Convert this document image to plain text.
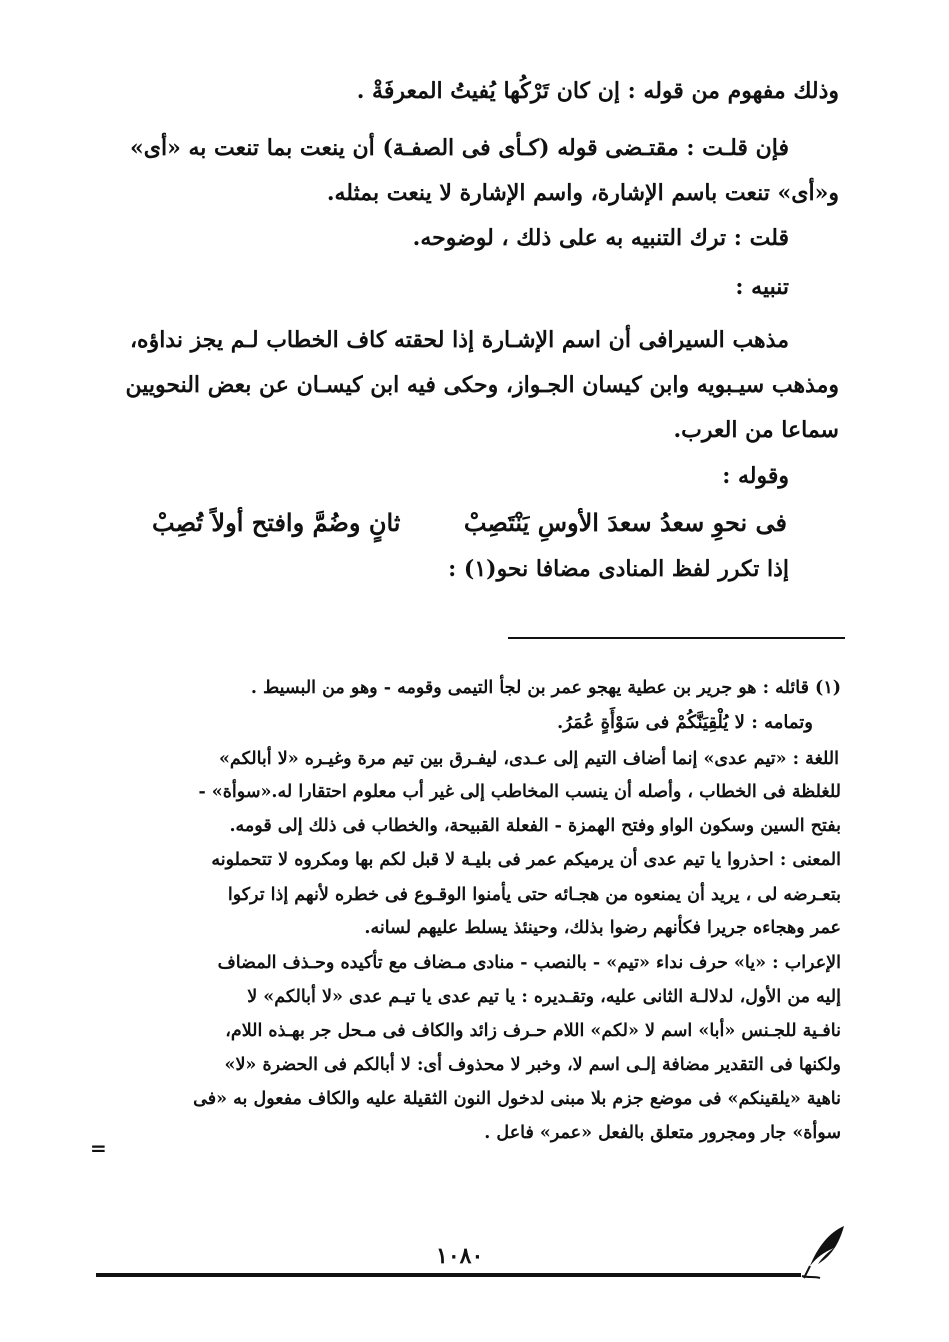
وذلك مفهوم من قوله : إن كان تَرْكُها يُفيتُ المعرفَةْ .
فإن قلـت : مقتـضى قوله (كـأى فى الصفـة) أن ينعت بما تنعت به «أى»
و«أى» تنعت باسم الإشارة، واسم الإشارة لا ينعت بمثله.
قلت : ترك التنبيه به على ذلك ، لوضوحه.
تنبيه :
مذهب السيرافى أن اسم الإشـارة إذا لحقته كاف الخطاب لـم يجز نداؤه،
ومذهب سيـبويه وابن كيسان الجـواز، وحكى فيه ابن كيسـان عن بعض النحويين
سماعا من العرب.
وقوله :
فى نحوِ سعدُ سعدَ الأوسِ يَنْتَصِبْ
ثانٍ وضُمَّ وافتح أولاً تُصِبْ
إذا تكرر لفظ المنادى مضافا نحو(١) :
(١) قائله : هو جرير بن عطية يهجو عمر بن لجأ التيمى وقومه - وهو من البسيط .
وتمامه : لا يُلْقِيَنَّكُمْ فى سَوْأَةٍ عُمَرُ.
اللغة : «تيم عدى» إنما أضاف التيم إلى عـدى، ليفـرق بين تيم مرة وغيـره «لا أبالكم»
للغلظة فى الخطاب ، وأصله أن ينسب المخاطب إلى غير أب معلوم احتقارا له.«سوأة» -
بفتح السين وسكون الواو وفتح الهمزة - الفعلة القبيحة، والخطاب فى ذلك إلى قومه.
المعنى : احذروا يا تيم عدى أن يرميكم عمر فى بليـة لا قبل لكم بها ومكروه لا تتحملونه
بتعـرضه لى ، يريد أن يمنعوه من هجـائه حتى يأمنوا الوقـوع فى خطره لأنهم إذا تركوا
عمر وهجاءه جريرا فكأنهم رضوا بذلك، وحينئذ يسلط عليهم لسانه.
الإعراب : «يا» حرف نداء «تيم» - بالنصب - منادى مـضاف مع تأكيده وحـذف المضاف
إليه من الأول، لدلالـة الثانى عليه، وتقـديره : يا تيم عدى يا تيـم عدى «لا أبالكم» لا
نافـية للجـنس «أبا» اسم لا «لكم» اللام حـرف زائد والكاف فى مـحل جر بهـذه اللام،
ولكنها فى التقدير مضافة إلـى اسم لا، وخبر لا محذوف أى: لا أبالكم فى الحضرة «لا»
ناهية «يلقينكم» فى موضع جزم بلا مبنى لدخول النون الثقيلة عليه والكاف مفعول به «فى
سوأة» جار ومجرور متعلق بالفعل «عمر» فاعل .
=
١٠٨٠
